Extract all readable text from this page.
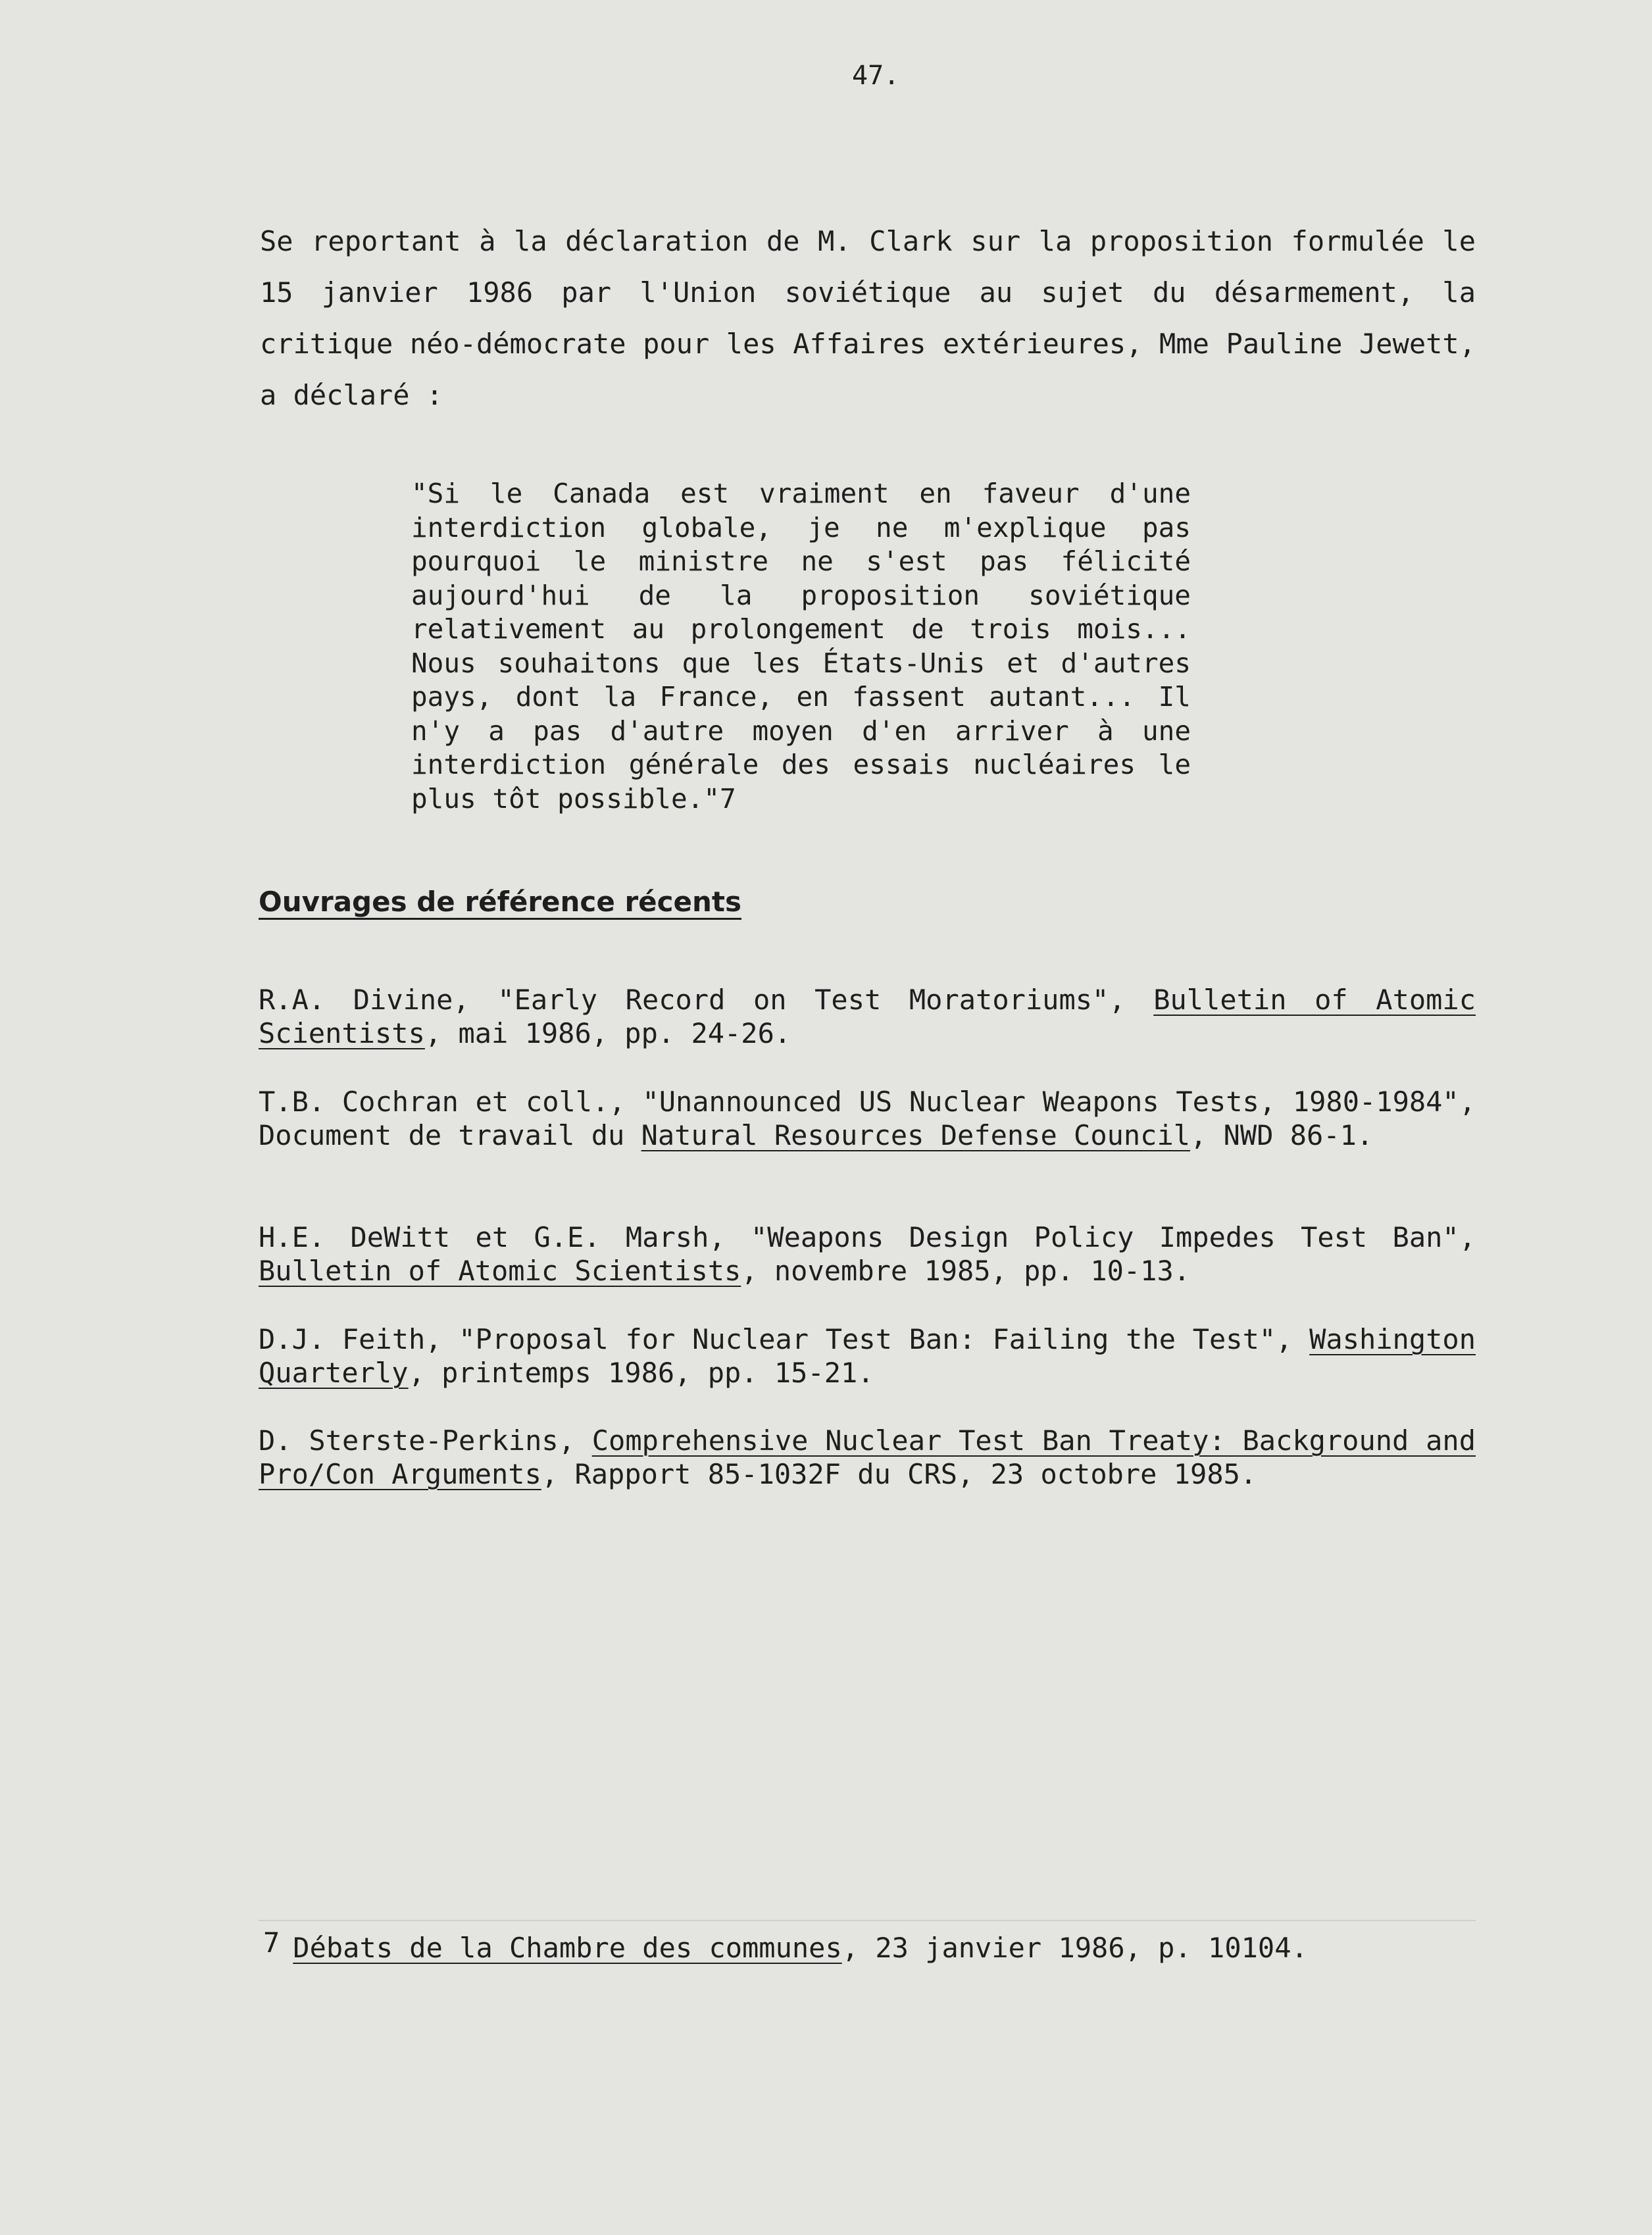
47.

Se reportant à la déclaration de M. Clark sur la proposition formulée le 15 janvier 1986 par l'Union soviétique au sujet du désarmement, la critique néo-démocrate pour les Affaires extérieures, Mme Pauline Jewett, a déclaré :

"Si le Canada est vraiment en faveur d'une interdiction globale, je ne m'explique pas pourquoi le ministre ne s'est pas félicité aujourd'hui de la proposition soviétique relativement au prolongement de trois mois... Nous souhaitons que les États-Unis et d'autres pays, dont la France, en fassent autant... Il n'y a pas d'autre moyen d'en arriver à une interdiction générale des essais nucléaires le plus tôt possible."7

Ouvrages de référence récents

R.A. Divine, "Early Record on Test Moratoriums", Bulletin of Atomic Scientists, mai 1986, pp. 24-26.

T.B. Cochran et coll., "Unannounced US Nuclear Weapons Tests, 1980-1984", Document de travail du Natural Resources Defense Council, NWD 86-1.

H.E. DeWitt et G.E. Marsh, "Weapons Design Policy Impedes Test Ban", Bulletin of Atomic Scientists, novembre 1985, pp. 10-13.

D.J. Feith, "Proposal for Nuclear Test Ban: Failing the Test", Washington Quarterly, printemps 1986, pp. 15-21.

D. Sterste-Perkins, Comprehensive Nuclear Test Ban Treaty: Background and Pro/Con Arguments, Rapport 85-1032F du CRS, 23 octobre 1985.

7 Débats de la Chambre des communes, 23 janvier 1986, p. 10104.
